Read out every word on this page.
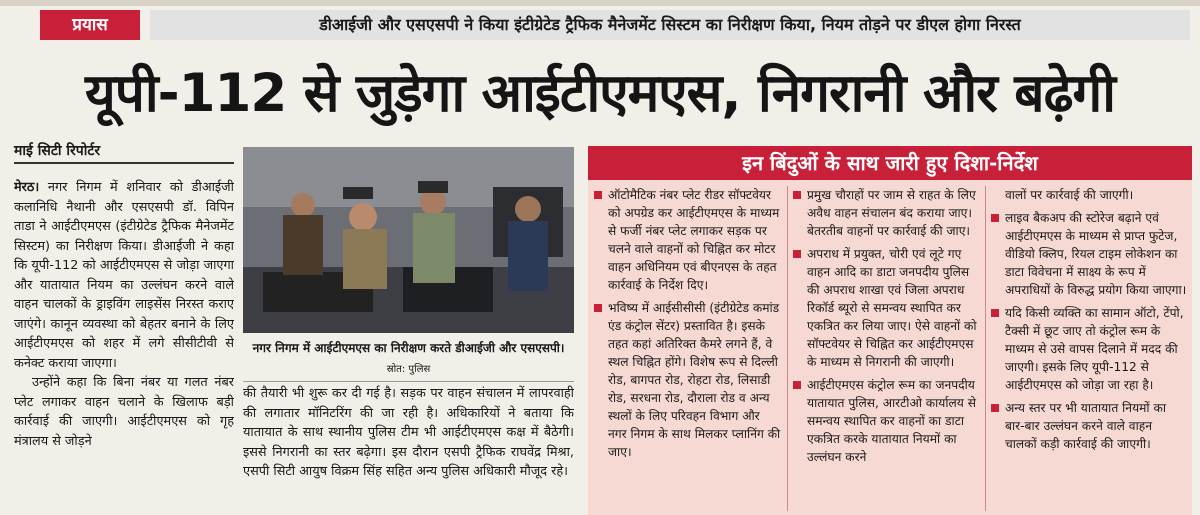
प्रयास	डीआईजी और एसएसपी ने किया इंटीग्रेटेड ट्रैफिक मैनेजमेंट सिस्टम का निरीक्षण किया, नियम तोड़ने पर डीएल होगा निरस्त
यूपी-112 से जुड़ेगा आईटीएमएस, निगरानी और बढ़ेगी
माई सिटी रिपोर्टर

मेरठ। नगर निगम में शनिवार को डीआईजी कलानिधि नैथानी और एसएसपी डॉ. विपिन ताडा ने आईटीएमएस (इंटीग्रेटेड ट्रैफिक मैनेजमेंट सिस्टम) का निरीक्षण किया। डीआईजी ने कहा कि यूपी-112 को आईटीएमएस से जोड़ा जाएगा और यातायात नियम का उल्लंघन करने वाले वाहन चालकों के ड्राइविंग लाइसेंस निरस्त कराए जाएंगे। कानून व्यवस्था को बेहतर बनाने के लिए आईटीएमएस को शहर में लगे सीसीटीवी से कनेक्ट कराया जाएगा।

उन्होंने कहा कि बिना नंबर या गलत नंबर प्लेट लगाकर वाहन चलाने के खिलाफ बड़ी कार्रवाई की जाएगी। आईटीएमएस को गृह मंत्रालय से जोड़ने

नगर निगम में आईटीएमएस का निरीक्षण करते डीआईजी और एसएसपी। स्रोत: पुलिस

की तैयारी भी शुरू कर दी गई है। सड़क पर वाहन संचालन में लापरवाही की लगातार मॉनिटरिंग की जा रही है। अधिकारियों ने बताया कि यातायात के साथ स्थानीय पुलिस टीम भी आईटीएमएस कक्ष में बैठेगी। इससे निगरानी का स्तर बढ़ेगा। इस दौरान एसपी ट्रैफिक राघवेंद्र मिश्रा, एसपी सिटी आयुष विक्रम सिंह सहित अन्य पुलिस अधिकारी मौजूद रहे।

इन बिंदुओं के साथ जारी हुए दिशा-निर्देश
ऑटोमैटिक नंबर प्लेट रीडर सॉफ्टवेयर को अपग्रेड कर आईटीएमएस के माध्यम से फर्जी नंबर प्लेट लगाकर सड़क पर चलने वाले वाहनों को चिह्नित कर मोटर वाहन अधिनियम एवं बीएनएस के तहत कार्रवाई के निर्देश दिए।
भविष्य में आईसीसीसी (इंटीग्रेटेड कमांड एंड कंट्रोल सेंटर) प्रस्तावित है। इसके तहत कहां अतिरिक्त कैमरे लगने हैं, वे स्थल चिह्नित होंगे। विशेष रूप से दिल्ली रोड, बागपत रोड, रोहटा रोड, लिसाडी रोड, सरधना रोड, दौराला रोड व अन्य स्थलों के लिए परिवहन विभाग और नगर निगम के साथ मिलकर प्लानिंग की जाए।
प्रमुख चौराहों पर जाम से राहत के लिए अवैध वाहन संचालन बंद कराया जाए। बेतरतीब वाहनों पर कार्रवाई की जाए।
अपराध में प्रयुक्त, चोरी एवं लूटे गए वाहन आदि का डाटा जनपदीय पुलिस की अपराध शाखा एवं जिला अपराध रिकॉर्ड ब्यूरो से समन्वय स्थापित कर एकत्रित कर लिया जाए। ऐसे वाहनों को सॉफ्टवेयर से चिह्नित कर आईटीएमएस के माध्यम से निगरानी की जाएगी।
आईटीएमएस कंट्रोल रूम का जनपदीय यातायात पुलिस, आरटीओ कार्यालय से समन्वय स्थापित कर वाहनों का डाटा एकत्रित करके यातायात नियमों का उल्लंघन करने
वालों पर कार्रवाई की जाएगी।
लाइव बैकअप की स्टोरेज बढ़ाने एवं आईटीएमएस के माध्यम से प्राप्त फुटेज, वीडियो क्लिप, रियल टाइम लोकेशन का डाटा विवेचना में साक्ष्य के रूप में अपराधियों के विरुद्ध प्रयोग किया जाएगा।
यदि किसी व्यक्ति का सामान ऑटो, टेंपो, टैक्सी में छूट जाए तो कंट्रोल रूम के माध्यम से उसे वापस दिलाने में मदद की जाएगी। इसके लिए यूपी-112 से आईटीएमएस को जोड़ा जा रहा है।
अन्य स्तर पर भी यातायात नियमों का बार-बार उल्लंघन करने वाले वाहन चालकों कड़ी कार्रवाई की जाएगी।
